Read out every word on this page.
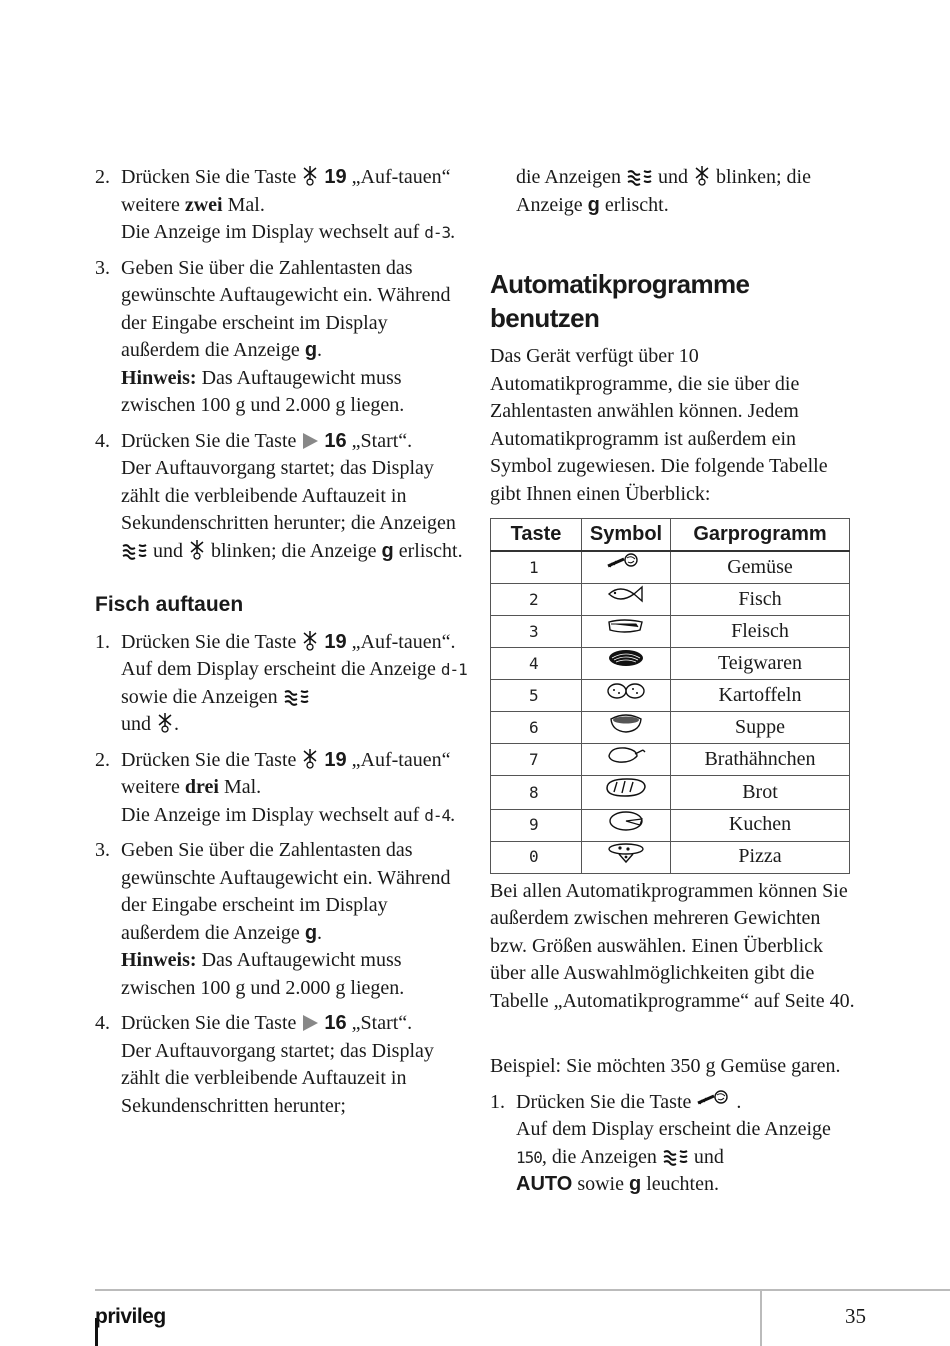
2. Drücken Sie die Taste  19 „Auf-tauen“ weitere zwei Mal.
Die Anzeige im Display wechselt auf d-3.
3. Geben Sie über die Zahlentasten das gewünschte Auftaugewicht ein. Während der Eingabe erscheint im Display außerdem die Anzeige g.
Hinweis: Das Auftaugewicht muss zwischen 100 g und 2.000 g liegen.
4. Drücken Sie die Taste  16 „Start“.
Der Auftauvorgang startet; das Display zählt die verbleibende Auftauzeit in Sekundenschritten herunter; die Anzeigen  und  blinken; die Anzeige g erlischt.
Fisch auftauen
1. Drücken Sie die Taste  19 „Auf-tauen“.
Auf dem Display erscheint die Anzeige d-1 sowie die Anzeigen
und .
2. Drücken Sie die Taste  19 „Auf-tauen“ weitere drei Mal.
Die Anzeige im Display wechselt auf d-4.
3. Geben Sie über die Zahlentasten das gewünschte Auftaugewicht ein. Während der Eingabe erscheint im Display außerdem die Anzeige g.
Hinweis: Das Auftaugewicht muss zwischen 100 g und 2.000 g liegen.
4. Drücken Sie die Taste  16 „Start“.
Der Auftauvorgang startet; das Display zählt die verbleibende Auftauzeit in Sekundenschritten herunter;

die Anzeigen  und  blinken; die Anzeige g erlischt.

Automatikprogramme benutzen

Das Gerät verfügt über 10 Automatikprogramme, die sie über die Zahlentasten anwählen können. Jedem Automatikprogramm ist außerdem ein Symbol zugewiesen. Die folgende Tabelle gibt Ihnen einen Überblick:

Taste	Symbol	Garprogramm
1		Gemüse
2		Fisch
3		Fleisch
4		Teigwaren
5		Kartoffeln
6		Suppe
7		Brathähnchen
8		Brot
9		Kuchen
0		Pizza

Bei allen Automatikprogrammen können Sie außerdem zwischen mehreren Gewichten bzw. Größen auswählen. Einen Überblick über alle Auswahlmöglichkeiten gibt die Tabelle „Automatikprogramme“ auf Seite 40.

Beispiel: Sie möchten 350 g Gemüse garen.

1. Drücken Sie die Taste .
Auf dem Display erscheint die Anzeige 150, die Anzeigen  und
AUTO sowie g leuchten.
privileg	35
